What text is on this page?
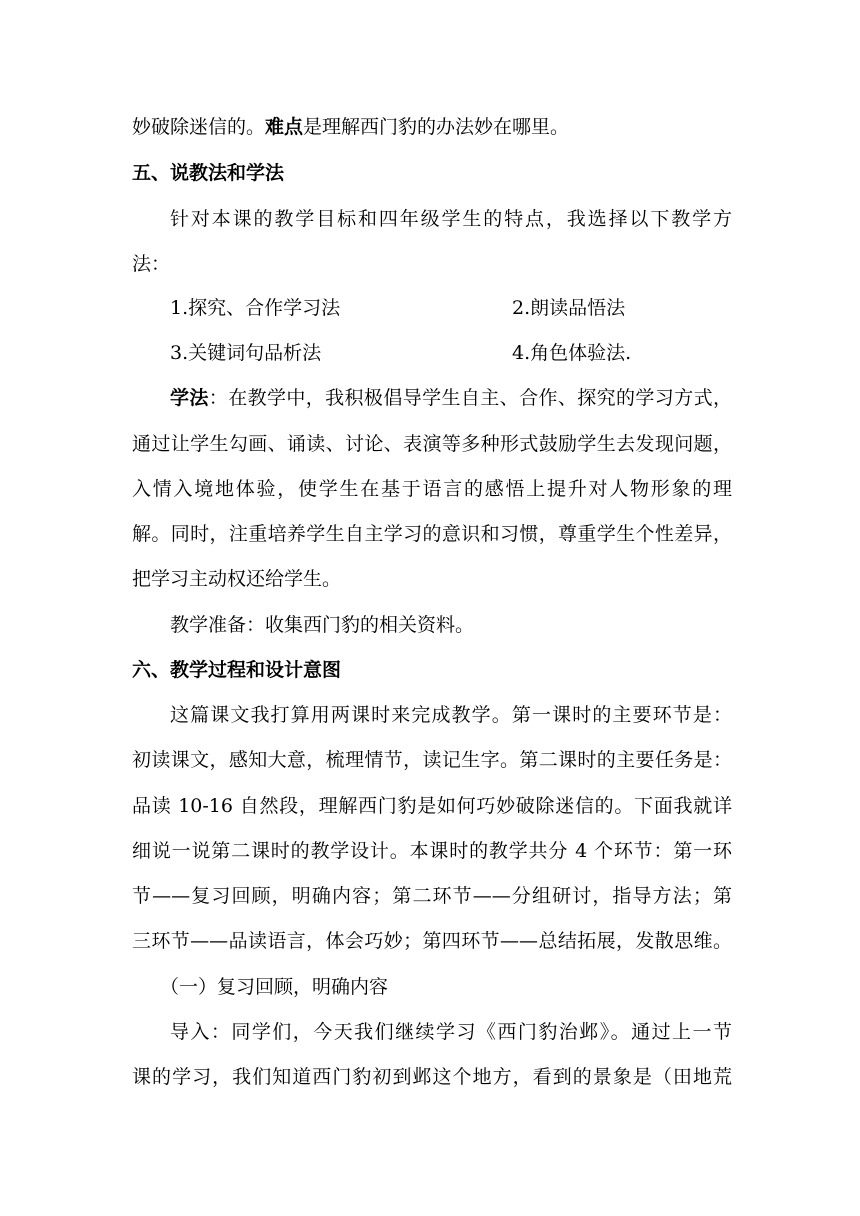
妙破除迷信的。难点是理解西门豹的办法妙在哪里。
五、说教法和学法
针对本课的教学目标和四年级学生的特点，我选择以下教学方
法：
1.探究、合作学习法	2.朗读品悟法
3.关键词句品析法	4.角色体验法.
学法：在教学中，我积极倡导学生自主、合作、探究的学习方式，
通过让学生勾画、诵读、讨论、表演等多种形式鼓励学生去发现问题，
入情入境地体验，使学生在基于语言的感悟上提升对人物形象的理
解。同时，注重培养学生自主学习的意识和习惯，尊重学生个性差异，
把学习主动权还给学生。
教学准备：收集西门豹的相关资料。
六、教学过程和设计意图
这篇课文我打算用两课时来完成教学。第一课时的主要环节是：
初读课文，感知大意，梳理情节，读记生字。第二课时的主要任务是：
品读 10-16 自然段，理解西门豹是如何巧妙破除迷信的。下面我就详
细说一说第二课时的教学设计。本课时的教学共分 4 个环节：第一环
节——复习回顾，明确内容；第二环节——分组研讨，指导方法；第
三环节——品读语言，体会巧妙；第四环节——总结拓展，发散思维。
（一）复习回顾，明确内容
导入：同学们，今天我们继续学习《西门豹治邺》。通过上一节
课的学习，我们知道西门豹初到邺这个地方，看到的景象是（田地荒
